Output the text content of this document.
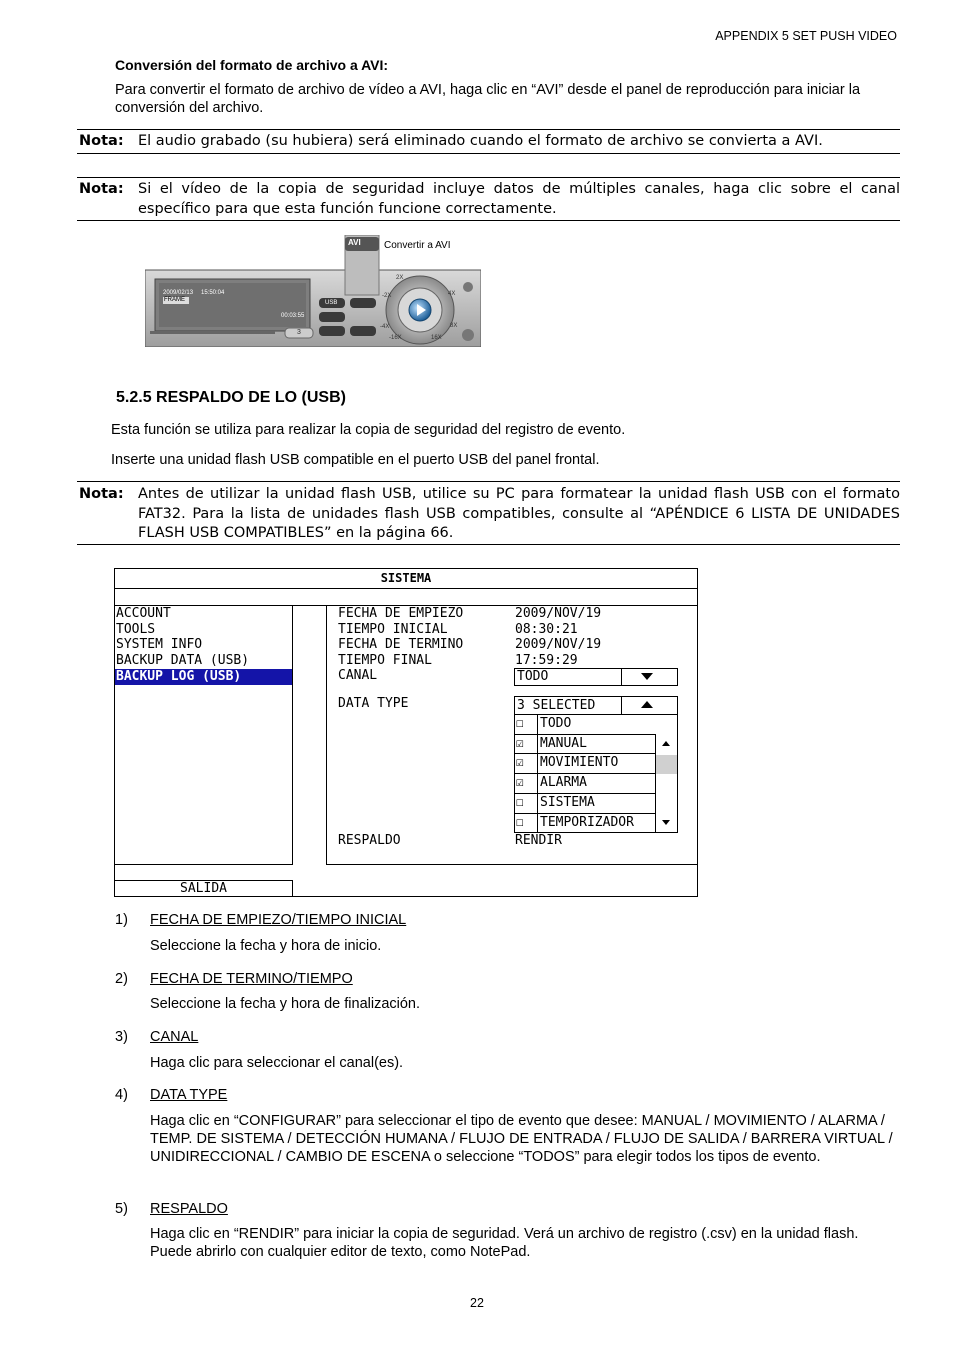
APPENDIX 5 SET PUSH VIDEO
Conversión del formato de archivo a AVI:
Para convertir el formato de archivo de vídeo a AVI, haga clic en “AVI” desde el panel de reproducción para iniciar la conversión del archivo.
Nota: El audio grabado (su hubiera) será eliminado cuando el formato de archivo se convierta a AVI.
Nota: Si el vídeo de la copia de seguridad incluye datos de múltiples canales, haga clic sobre el canal específico para que esta función funcione correctamente.
AVI Convertir a AVI
2009/02/13 15:50:04
FRAME
00:03:55
3
USB
2X
4X
8X
16X
-16X
-4X
-2X
5.2.5 RESPALDO DE LO (USB)
Esta función se utiliza para realizar la copia de seguridad del registro de evento.
Inserte una unidad flash USB compatible en el puerto USB del panel frontal.
Nota: Antes de utilizar la unidad flash USB, utilice su PC para formatear la unidad flash USB con el formato FAT32. Para la lista de unidades flash USB compatibles, consulte al “APÉNDICE 6 LISTA DE UNIDADES FLASH USB COMPATIBLES” en la página 66.
SISTEMA
ACCOUNT
TOOLS
SYSTEM INFO
BACKUP DATA (USB)
BACKUP LOG (USB)
SALIDA
FECHA DE EMPIEZO
TIEMPO INICIAL
FECHA DE TERMINO
TIEMPO FINAL
CANAL
2009/NOV/19
08:30:21
2009/NOV/19
17:59:29
TODO
DATA TYPE	3 SELECTED
☐ TODO
☑ MANUAL
☑ MOVIMIENTO
☑ ALARMA
☐ SISTEMA
☐ TEMPORIZADOR
RESPALDO	RENDIR
1) FECHA DE EMPIEZO/TIEMPO INICIAL
Seleccione la fecha y hora de inicio.
2) FECHA DE TERMINO/TIEMPO
Seleccione la fecha y hora de finalización.
3) CANAL
Haga clic para seleccionar el canal(es).
4) DATA TYPE
Haga clic en “CONFIGURAR” para seleccionar el tipo de evento que desee: MANUAL / MOVIMIENTO / ALARMA / TEMP. DE SISTEMA / DETECCIÓN HUMANA / FLUJO DE ENTRADA / FLUJO DE SALIDA / BARRERA VIRTUAL / UNIDIRECCIONAL / CAMBIO DE ESCENA o seleccione “TODOS” para elegir todos los tipos de evento.
5) RESPALDO
Haga clic en “RENDIR” para iniciar la copia de seguridad. Verá un archivo de registro (.csv) en la unidad flash. Puede abrirlo con cualquier editor de texto, como NotePad.
22
